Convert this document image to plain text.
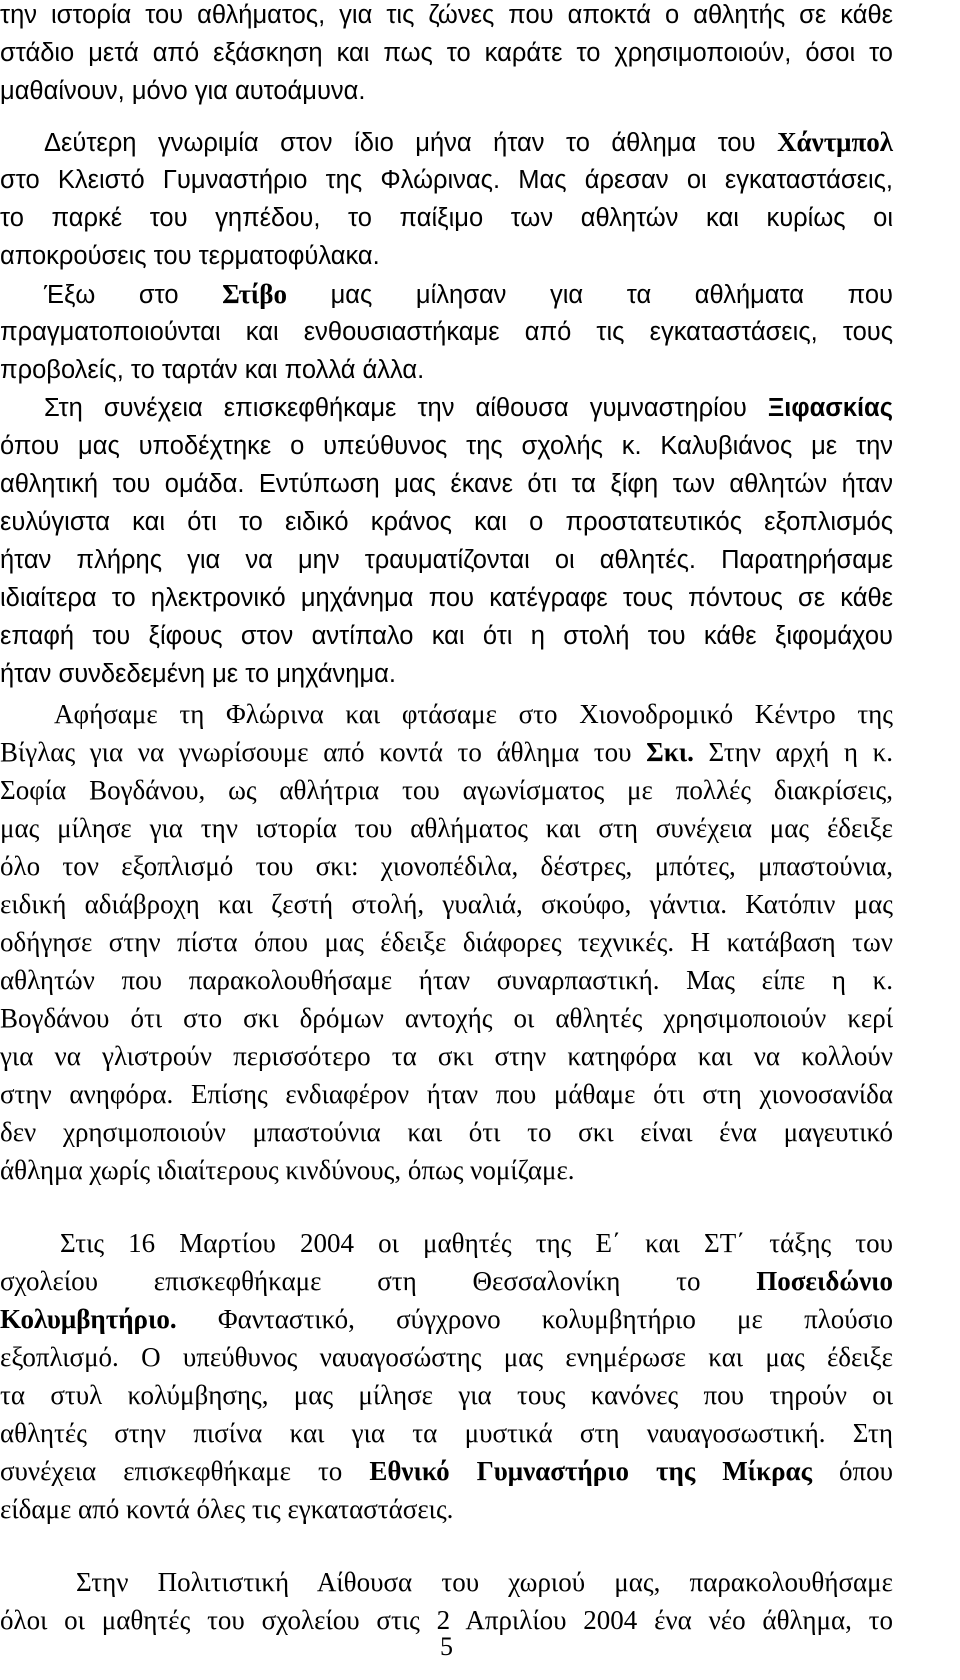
την ιστορία του αθλήματος, για τις ζώνες που αποκτά ο αθλητής σε κάθε
στάδιο μετά από εξάσκηση και πως το καράτε το χρησιμοποιούν, όσοι το
μαθαίνουν, μόνο για αυτοάμυνα.
Δεύτερη γνωριμία στον ίδιο μήνα ήταν το άθλημα του Χάντμπολ
στο Κλειστό Γυμναστήριο της Φλώρινας. Μας άρεσαν οι εγκαταστάσεις,
το παρκέ του γηπέδου, το παίξιμο των αθλητών και κυρίως οι
αποκρούσεις του τερματοφύλακα.
Έξω στο Στίβο μας μίλησαν για τα αθλήματα που
πραγματοποιούνται και ενθουσιαστήκαμε από τις εγκαταστάσεις, τους
προβολείς, το ταρτάν και πολλά άλλα.
Στη συνέχεια επισκεφθήκαμε την αίθουσα γυμναστηρίου Ξιφασκίας
όπου μας υποδέχτηκε ο υπεύθυνος της σχολής κ. Καλυβιάνος με την
αθλητική του ομάδα. Εντύπωση μας έκανε ότι τα ξίφη των αθλητών ήταν
ευλύγιστα και ότι το ειδικό κράνος και ο προστατευτικός εξοπλισμός
ήταν πλήρης για να μην τραυματίζονται οι αθλητές. Παρατηρήσαμε
ιδιαίτερα το ηλεκτρονικό μηχάνημα που κατέγραφε τους πόντους σε κάθε
επαφή του ξίφους στον αντίπαλο και ότι η στολή του κάθε ξιφομάχου
ήταν συνδεδεμένη με το μηχάνημα.
Αφήσαμε τη Φλώρινα και φτάσαμε στο Χιονοδρομικό Κέντρο της
Βίγλας για να γνωρίσουμε από κοντά το άθλημα του Σκι. Στην αρχή η κ.
Σοφία Βογδάνου, ως αθλήτρια του αγωνίσματος με πολλές διακρίσεις,
μας μίλησε για την ιστορία του αθλήματος και στη συνέχεια μας έδειξε
όλο τον εξοπλισμό του σκι: χιονοπέδιλα, δέστρες, μπότες, μπαστούνια,
ειδική αδιάβροχη και ζεστή στολή, γυαλιά, σκούφο, γάντια. Κατόπιν μας
οδήγησε στην πίστα όπου μας έδειξε διάφορες τεχνικές. Η κατάβαση των
αθλητών που παρακολουθήσαμε ήταν συναρπαστική. Μας είπε η κ.
Βογδάνου ότι στο σκι δρόμων αντοχής οι αθλητές χρησιμοποιούν κερί
για να γλιστρούν περισσότερο τα σκι στην κατηφόρα και να κολλούν
στην ανηφόρα. Επίσης ενδιαφέρον ήταν που μάθαμε ότι στη χιονοσανίδα
δεν χρησιμοποιούν μπαστούνια και ότι το σκι είναι ένα μαγευτικό
άθλημα χωρίς ιδιαίτερους κινδύνους, όπως νομίζαμε.
Στις 16 Μαρτίου 2004 οι μαθητές της Ε΄ και ΣΤ΄ τάξης του
σχολείου επισκεφθήκαμε στη Θεσσαλονίκη το Ποσειδώνιο
Κολυμβητήριο. Φανταστικό, σύγχρονο κολυμβητήριο με πλούσιο
εξοπλισμό. Ο υπεύθυνος ναυαγοσώστης μας ενημέρωσε και μας έδειξε
τα στυλ κολύμβησης, μας μίλησε για τους κανόνες που τηρούν οι
αθλητές στην πισίνα και για τα μυστικά στη ναυαγοσωστική. Στη
συνέχεια επισκεφθήκαμε το Εθνικό Γυμναστήριο της Μίκρας όπου
είδαμε από κοντά όλες τις εγκαταστάσεις.
Στην Πολιτιστική Αίθουσα του χωριού μας, παρακολουθήσαμε
όλοι οι μαθητές του σχολείου στις 2 Απριλίου 2004 ένα νέο άθλημα, το
5
